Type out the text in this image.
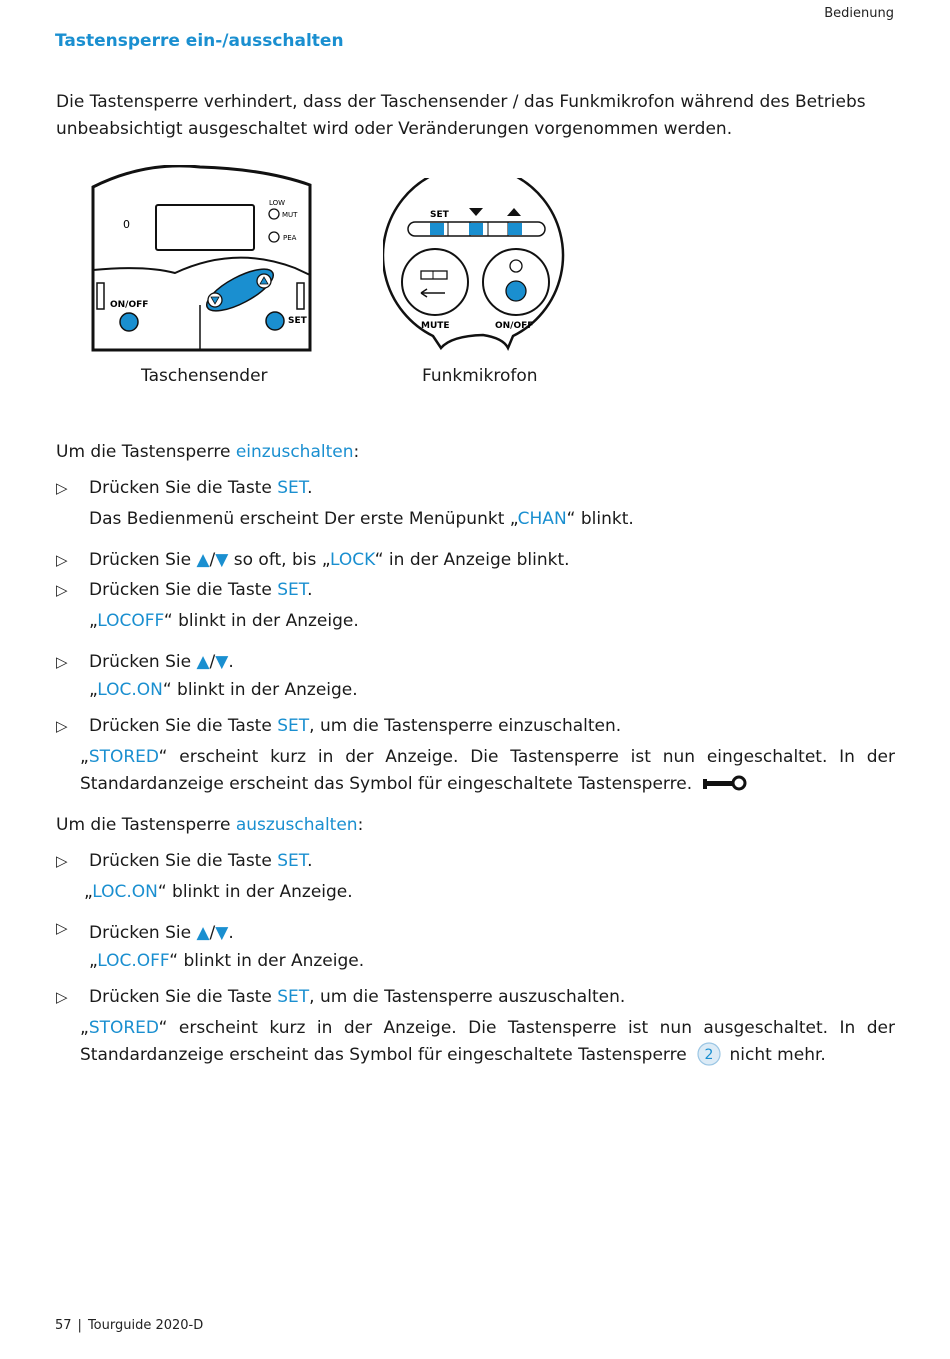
Bedienung
Tastensperre ein-/ausschalten
Die Tastensperre verhindert, dass der Taschensender / das Funkmikrofon während des Betriebs unbeabsichtigt ausgeschaltet wird oder Veränderungen vorgenommen werden.
0
LOW
MUT
PEA
ON/OFF
SET
Taschensender
SET
MUTE	ON/OFF
Funkmikrofon
Um die Tastensperre einzuschalten:
▷ Drücken Sie die Taste SET.
Das Bedienmenü erscheint Der erste Menüpunkt „CHAN“ blinkt.
▷ Drücken Sie ▲/▼ so oft, bis „LOCK“ in der Anzeige blinkt.
▷ Drücken Sie die Taste SET.
„LOCOFF“ blinkt in der Anzeige.
▷ Drücken Sie ▲/▼.
„LOC.ON“ blinkt in der Anzeige.
▷ Drücken Sie die Taste SET, um die Tastensperre einzuschalten.
„STORED“ erscheint kurz in der Anzeige. Die Tastensperre ist nun eingeschaltet. In der Standardanzeige erscheint das Symbol für eingeschaltete Tastensperre.
Um die Tastensperre auszuschalten:
▷ Drücken Sie die Taste SET.
„LOC.ON“ blinkt in der Anzeige.
▷ Drücken Sie ▲/▼.
„LOC.OFF“ blinkt in der Anzeige.
▷ Drücken Sie die Taste SET, um die Tastensperre auszuschalten.
„STORED“ erscheint kurz in der Anzeige. Die Tastensperre ist nun ausgeschaltet. In der Standardanzeige erscheint das Symbol für eingeschaltete Tastensperre 2 nicht mehr.
57 | Tourguide 2020-D
